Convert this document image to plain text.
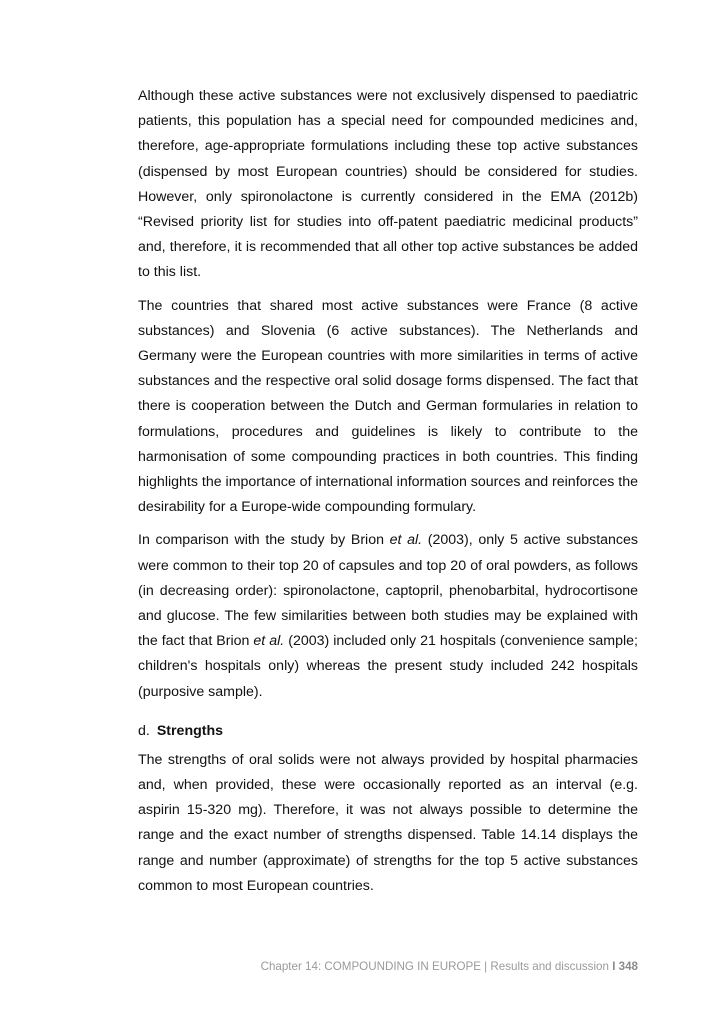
Although these active substances were not exclusively dispensed to paediatric patients, this population has a special need for compounded medicines and, therefore, age-appropriate formulations including these top active substances (dispensed by most European countries) should be considered for studies. However, only spironolactone is currently considered in the EMA (2012b) “Revised priority list for studies into off-patent paediatric medicinal products” and, therefore, it is recommended that all other top active substances be added to this list.

The countries that shared most active substances were France (8 active substances) and Slovenia (6 active substances). The Netherlands and Germany were the European countries with more similarities in terms of active substances and the respective oral solid dosage forms dispensed. The fact that there is cooperation between the Dutch and German formularies in relation to formulations, procedures and guidelines is likely to contribute to the harmonisation of some compounding practices in both countries. This finding highlights the importance of international information sources and reinforces the desirability for a Europe-wide compounding formulary.

In comparison with the study by Brion et al. (2003), only 5 active substances were common to their top 20 of capsules and top 20 of oral powders, as follows (in decreasing order): spironolactone, captopril, phenobarbital, hydrocortisone and glucose. The few similarities between both studies may be explained with the fact that Brion et al. (2003) included only 21 hospitals (convenience sample; children's hospitals only) whereas the present study included 242 hospitals (purposive sample).

d. Strengths

The strengths of oral solids were not always provided by hospital pharmacies and, when provided, these were occasionally reported as an interval (e.g. aspirin 15-320 mg). Therefore, it was not always possible to determine the range and the exact number of strengths dispensed. Table 14.14 displays the range and number (approximate) of strengths for the top 5 active substances common to most European countries.

Chapter 14: COMPOUNDING IN EUROPE | Results and discussion I 348
